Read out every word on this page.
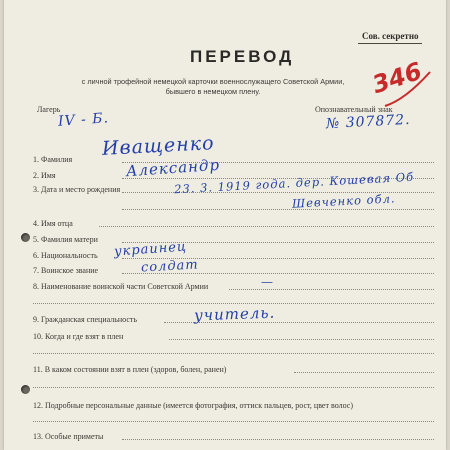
Сов. секретно
ПЕРЕВОД
с личной трофейной немецкой карточки военнослужащего Советской Армии, бывшего в немецком плену.	346
Лагерь
IV - Б.
Опознавательный знак
№ 307872.
1. Фамилия Иващенко
2. Имя	Александр
3. Дата и место рождения	23. 3. 1919 года. дер. Кошевая Об
Шевченко обл.
4. Имя отца
5. Фамилия матери
6. Национальность украинец
7. Воинское звание	солдат
8. Наименование воинской части Советской Армии	—
9. Гражданская специальность	учитель.
10. Когда и где взят в плен
11. В каком состоянии взят в плен (здоров, болен, ранен)
12. Подробные персональные данные (имеется фотография, оттиск пальцев, рост, цвет волос)
13. Особые приметы
